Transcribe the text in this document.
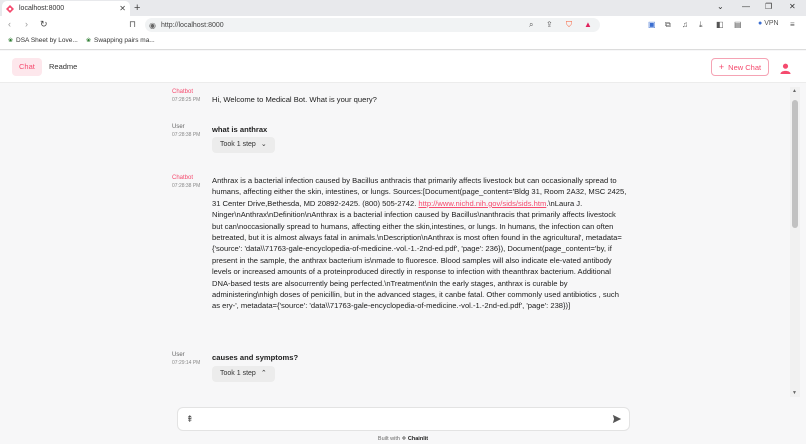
localhost:8000	✕ +	⌄ — ❐ ✕
‹ › ↻	⊓ ◉ http://localhost:8000	⌕ ⇪ ⛉ ▲	▣ ⧉ ♫ ⤓ ◧ ▤ ● VPN ≡
❀ DSA Sheet by Love... ❀ Swapping pairs ma...
Chat	Readme	+ New Chat
Chatbot
07:28:25 PM Hi, Welcome to Medical Bot. What is your query?
User
07:28:38 PM
what is anthrax
Took 1 step ⌄
Chatbot
07:28:38 PM
Anthrax is a bacterial infection caused by Bacillus anthracis that primarily affects livestock but can occasionally spread to humans, affecting either the skin, intestines, or lungs. Sources:[Document(page_content='Bldg 31, Room 2A32, MSC 2425, 31 Center Drive,Bethesda, MD 20892-2425. (800) 505-2742. http://www.nichd.nih.gov/sids/sids.htm.\nLaura J. Ninger\nAnthrax\nDefinition\nAnthrax is a bacterial infection caused by Bacillus\nanthracis that primarily affects livestock but can\noccasionally spread to humans, affecting either the skin,intestines, or lungs. In humans, the infection can often betreated, but it is almost always fatal in animals.\nDescription\nAnthrax is most often found in the agricultural', metadata={'source': 'data\\71763-gale-encyclopedia-of-medicine.-vol.-1.-2nd-ed.pdf', 'page': 236}), Document(page_content='by, if present in the sample, the anthrax bacterium is\nmade to fluoresce. Blood samples will also indicate ele-vated antibody levels or increased amounts of a proteinproduced directly in response to infection with theanthrax bacterium. Additional DNA-based tests are alsocurrently being perfected.\nTreatment\nIn the early stages, anthrax is curable by administering\nhigh doses of penicillin, but in the advanced stages, it canbe fatal. Other commonly used antibiotics , such as ery-', metadata={'source': 'data\\71763-gale-encyclopedia-of-medicine.-vol.-1.-2nd-ed.pdf', 'page': 238})]
User
07:29:14 PM
causes and symptoms?
Took 1 step ⌃
▲
▼
⇞
Built with ❖ Chainlit
